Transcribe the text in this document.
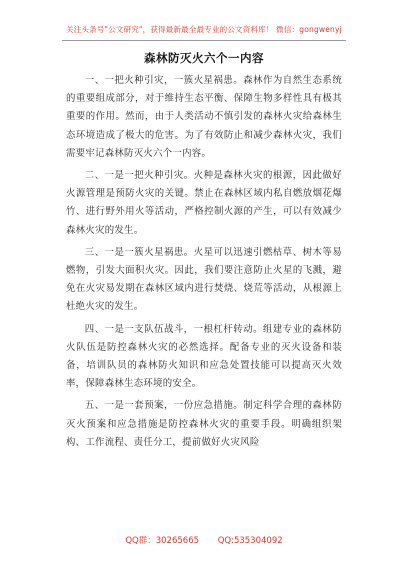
关注头条号"公文研究"，获得最新最全最专业的公文资料库！ 微信：gongwenyj
森林防灭火六个一内容

一、一把火种引灾，一簇火星祸患。森林作为自然生态系统的重要组成部分，对于维持生态平衡、保障生物多样性具有极其重要的作用。然而，由于人类活动不慎引发的森林火灾给森林生态环境造成了极大的危害。为了有效防止和减少森林火灾，我们需要牢记森林防灭火六个一内容。

二、一是一把火种引灾。火种是森林火灾的根源，因此做好火源管理是预防火灾的关键。禁止在森林区域内私自燃放烟花爆竹、进行野外用火等活动，严格控制火源的产生，可以有效减少森林火灾的发生。

三、一是一簇火星祸患。火星可以迅速引燃枯草、树木等易燃物，引发大面积火灾。因此，我们要注意防止火星的飞溅，避免在火灾易发期在森林区域内进行焚烧、烧荒等活动，从根源上杜绝火灾的发生。

四、一是一支队伍战斗，一根杠杆转动。组建专业的森林防火队伍是防控森林火灾的必然选择。配备专业的灭火设备和装备，培训队员的森林防火知识和应急处置技能可以提高灭火效率，保障森林生态环境的安全。

五、一是一套预案，一份应急措施。制定科学合理的森林防灭火预案和应急措施是防控森林火灾的重要手段。明确组织架构、工作流程、责任分工，提前做好火灾风险

QQ群：30265665 QQ:535304092
